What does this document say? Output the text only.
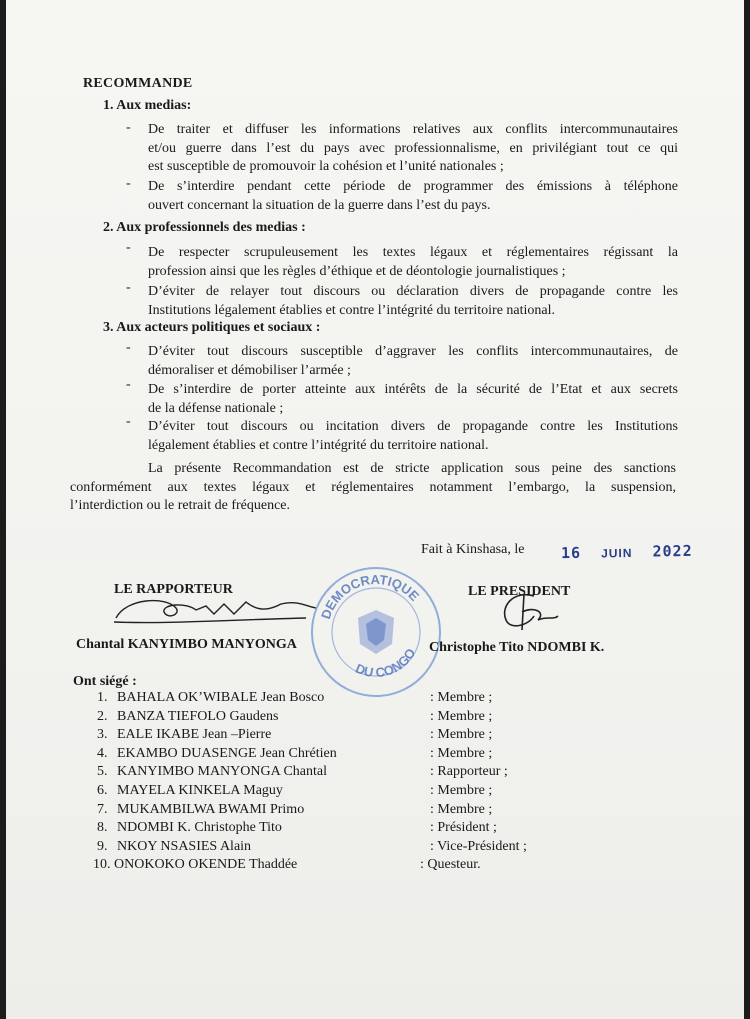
RECOMMANDE
1. Aux medias:
- De traiter et diffuser les informations relatives aux conflits intercommunautaires
et/ou guerre dans l’est du pays avec professionnalisme, en privilégiant tout ce qui
est susceptible de promouvoir la cohésion et l’unité nationales ;
- De s’interdire pendant cette période de programmer des émissions à téléphone
ouvert concernant la situation de la guerre dans l’est du pays.
2. Aux professionnels des medias :
- De respecter scrupuleusement les textes légaux et réglementaires régissant la
profession ainsi que les règles d’éthique et de déontologie journalistiques ;
- D’éviter de relayer tout discours ou déclaration divers de propagande contre les
Institutions légalement établies et contre l’intégrité du territoire national.
3. Aux acteurs politiques et sociaux :
- D’éviter tout discours susceptible d’aggraver les conflits intercommunautaires, de
démoraliser et démobiliser l’armée ;
- De s’interdire de porter atteinte aux intérêts de la sécurité de l’Etat et aux secrets
de la défense nationale ;
- D’éviter tout discours ou incitation divers de propagande contre les Institutions
légalement établies et contre l’intégrité du territoire national.
La présente Recommandation est de stricte application sous peine des sanctions
conformément aux textes légaux et réglementaires notamment l’embargo, la suspension,
l’interdiction ou le retrait de fréquence.
Fait à Kinshasa, le 16 JUIN 2022
LE RAPPORTEUR
Chantal KANYIMBO MANYONGA
DEMOCRATIQUE
DU CONGO
LE PRESIDENT
Christophe Tito NDOMBI K.
Ont siégé :
1. BAHALA OK’WIBALE Jean Bosco	: Membre ;
2. BANZA TIEFOLO Gaudens	: Membre ;
3. EALE IKABE Jean –Pierre	: Membre ;
4. EKAMBO DUASENGE Jean Chrétien	: Membre ;
5. KANYIMBO MANYONGA Chantal	: Rapporteur ;
6. MAYELA KINKELA Maguy	: Membre ;
7. MUKAMBILWA BWAMI Primo	: Membre ;
8. NDOMBI K. Christophe Tito	: Président ;
9. NKOY NSASIES Alain	: Vice-Président ;
10. ONOKOKO OKENDE Thaddée	: Questeur.
